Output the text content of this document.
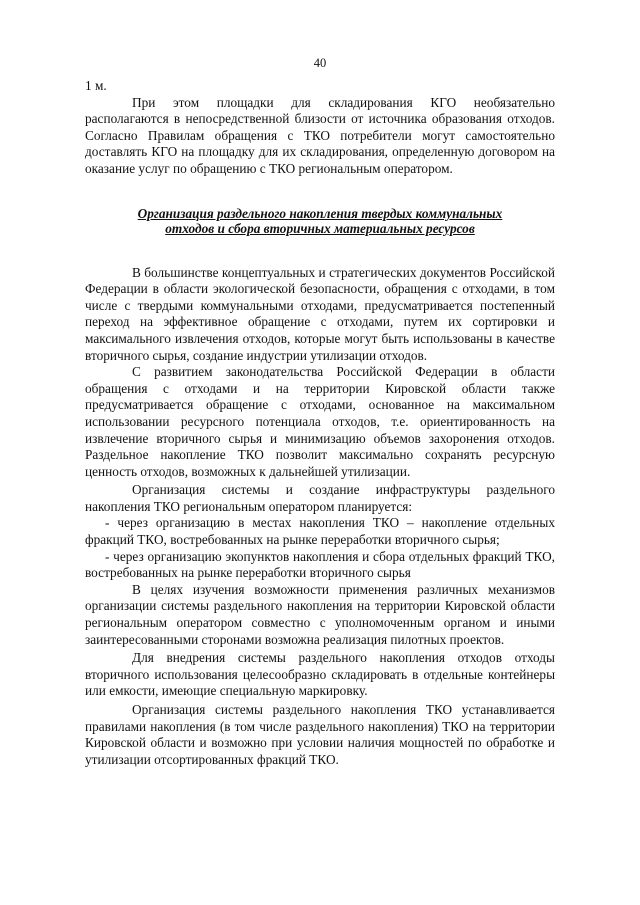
40

1 м.

При этом площадки для складирования КГО необязательно располагаются в непосредственной близости от источника образования отходов. Согласно Правилам обращения с ТКО потребители могут самостоятельно доставлять КГО на площадку для их складирования, определенную договором на оказание услуг по обращению с ТКО региональным оператором.

Организация раздельного накопления твердых коммунальных
отходов и сбора вторичных материальных ресурсов

В большинстве концептуальных и стратегических документов Российской Федерации в области экологической безопасности, обращения с отходами, в том числе с твердыми коммунальными отходами, предусматривается постепенный переход на эффективное обращение с отходами, путем их сортировки и максимального извлечения отходов, которые могут быть использованы в качестве вторичного сырья, создание индустрии утилизации отходов.

С развитием законодательства Российской Федерации в области обращения с отходами и на территории Кировской области также предусматривается обращение с отходами, основанное на максимальном использовании ресурсного потенциала отходов, т.е. ориентированность на извлечение вторичного сырья и минимизацию объемов захоронения отходов. Раздельное накопление ТКО позволит максимально сохранять ресурсную ценность отходов, возможных к дальнейшей утилизации.

Организация системы и создание инфраструктуры раздельного накопления ТКО региональным оператором планируется:

- через организацию в местах накопления ТКО – накопление отдельных фракций ТКО, востребованных на рынке переработки вторичного сырья;

- через организацию экопунктов накопления и сбора отдельных фракций ТКО, востребованных на рынке переработки вторичного сырья

В целях изучения возможности применения различных механизмов организации системы раздельного накопления на территории Кировской области региональным оператором совместно с уполномоченным органом и иными заинтересованными сторонами возможна реализация пилотных проектов.

Для внедрения системы раздельного накопления отходов отходы вторичного использования целесообразно складировать в отдельные контейнеры или емкости, имеющие специальную маркировку.

Организация системы раздельного накопления ТКО устанавливается правилами накопления (в том числе раздельного накопления) ТКО на территории Кировской области и возможно при условии наличия мощностей по обработке и утилизации отсортированных фракций ТКО.
